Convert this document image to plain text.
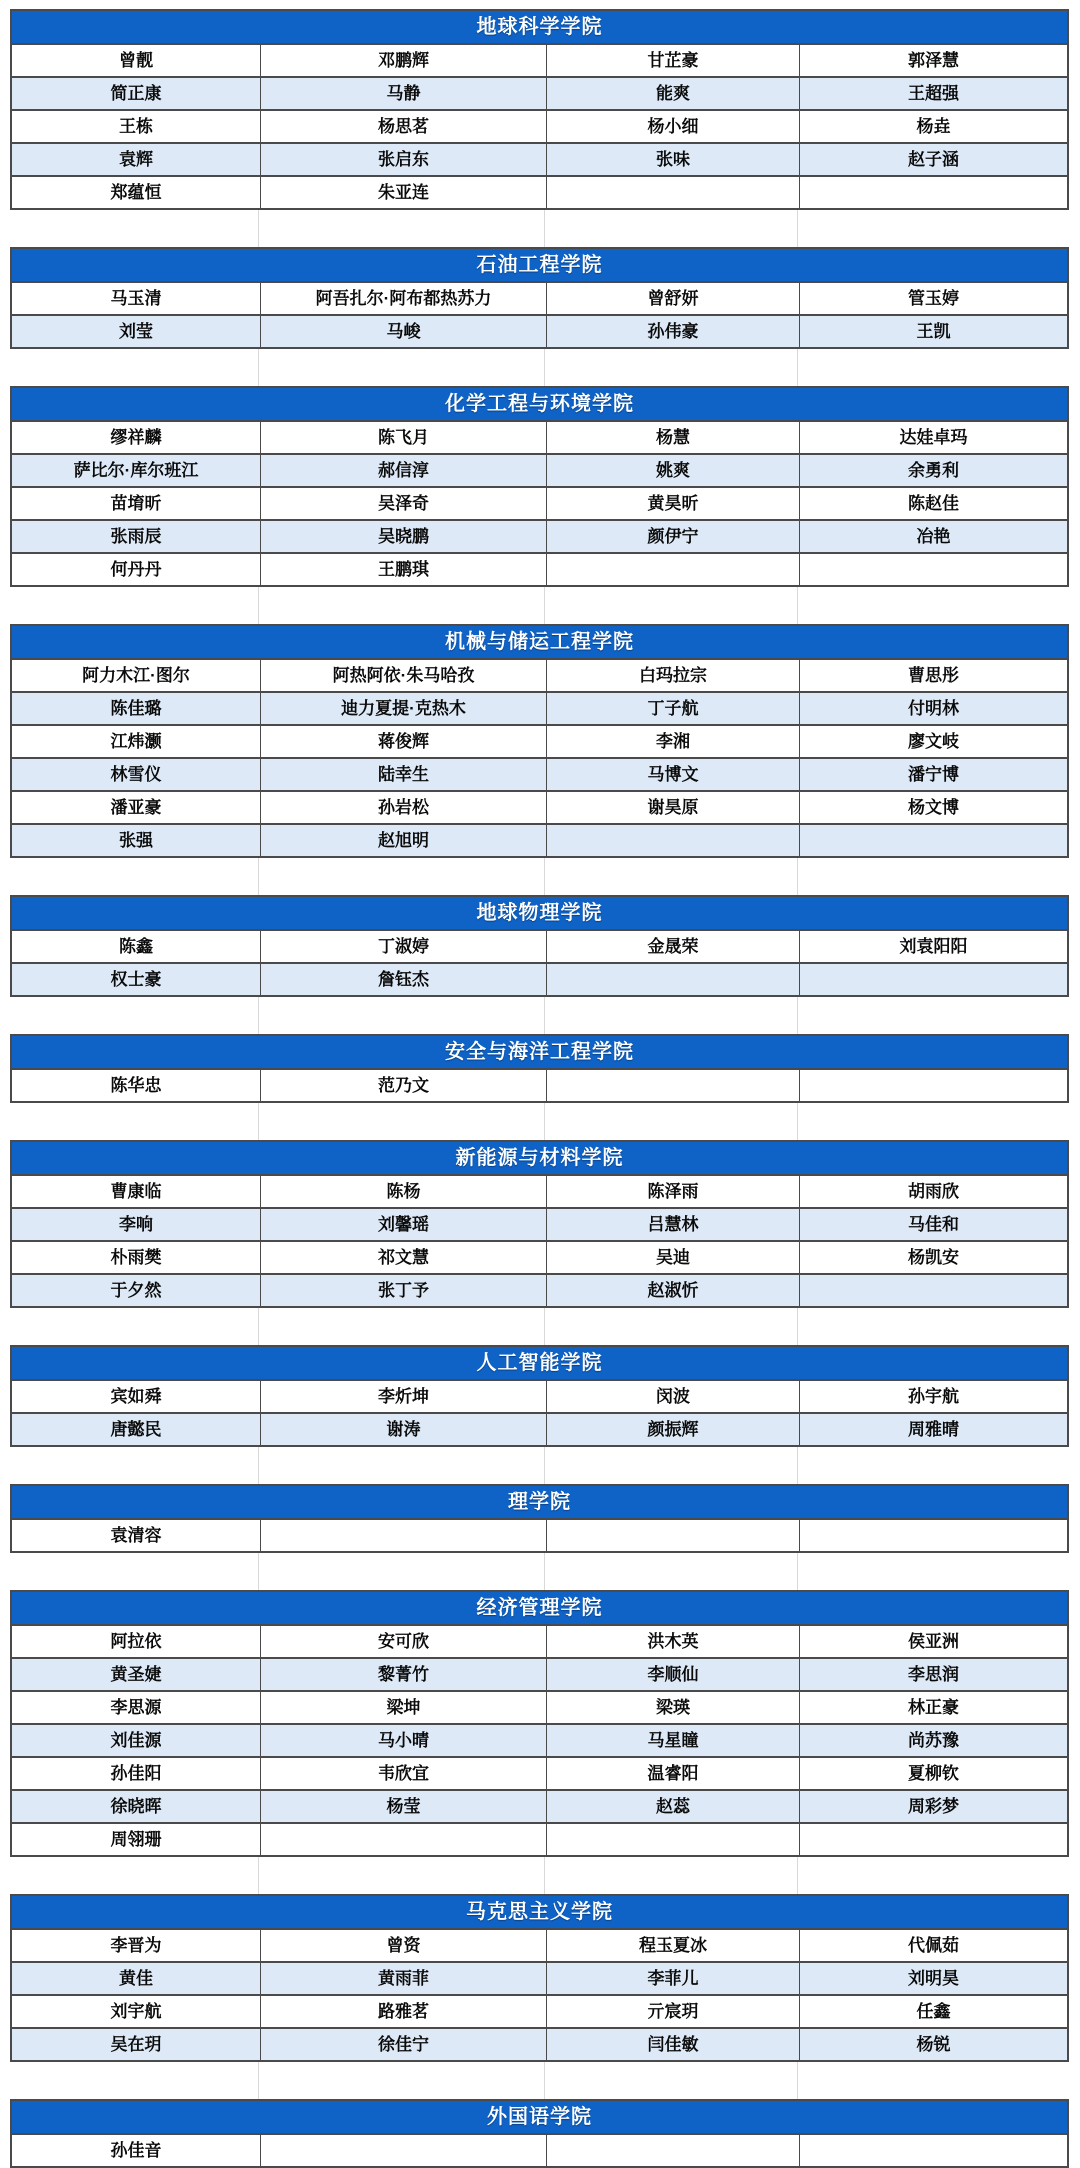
地球科学学院
曾靓	邓鹏辉	甘芷豪	郭泽慧
简正康	马静	能爽	王超强
王栋	杨思茗	杨小细	杨垚
袁辉	张启东	张味	赵子涵
郑蕴恒	朱亚连
石油工程学院
马玉清	阿吾扎尔·阿布都热苏力	曾舒妍	管玉婷
刘莹	马峻	孙伟豪	王凯
化学工程与环境学院
缪祥麟	陈飞月	杨慧	达娃卓玛
萨比尔·库尔班江	郝信淳	姚爽	余勇利
苗堉昕	吴泽奇	黄昊昕	陈赵佳
张雨辰	吴晓鹏	颜伊宁	冶艳
何丹丹	王鹏琪
机械与储运工程学院
阿力木江·图尔	阿热阿依·朱马哈孜	白玛拉宗	曹思彤
陈佳璐	迪力夏提·克热木	丁子航	付明林
江炜灏	蒋俊辉	李湘	廖文岐
林雪仪	陆幸生	马博文	潘宁博
潘亚豪	孙岩松	谢昊原	杨文博
张强	赵旭明
地球物理学院
陈鑫	丁淑婷	金晟荣	刘袁阳阳
权士豪	詹钰杰
安全与海洋工程学院
陈华忠	范乃文
新能源与材料学院
曹康临	陈杨	陈泽雨	胡雨欣
李响	刘馨瑶	吕慧林	马佳和
朴雨樊	祁文慧	吴迪	杨凯安
于夕然	张丁予	赵淑忻
人工智能学院
宾如舜	李炘坤	闵波	孙宇航
唐懿民	谢涛	颜振辉	周雅晴
理学院
袁清容
经济管理学院
阿拉依	安可欣	洪木英	侯亚洲
黄圣婕	黎菁竹	李顺仙	李思润
李思源	梁坤	梁瑛	林正豪
刘佳源	马小晴	马星瞳	尚苏豫
孙佳阳	韦欣宜	温睿阳	夏柳钦
徐晓晖	杨莹	赵蕊	周彩梦
周翎珊
马克思主义学院
李晋为	曾资	程玉夏冰	代佩茹
黄佳	黄雨菲	李菲儿	刘明昊
刘宇航	路雅茗	亓宸玥	任鑫
吴在玥	徐佳宁	闫佳敏	杨锐
外国语学院
孙佳音
